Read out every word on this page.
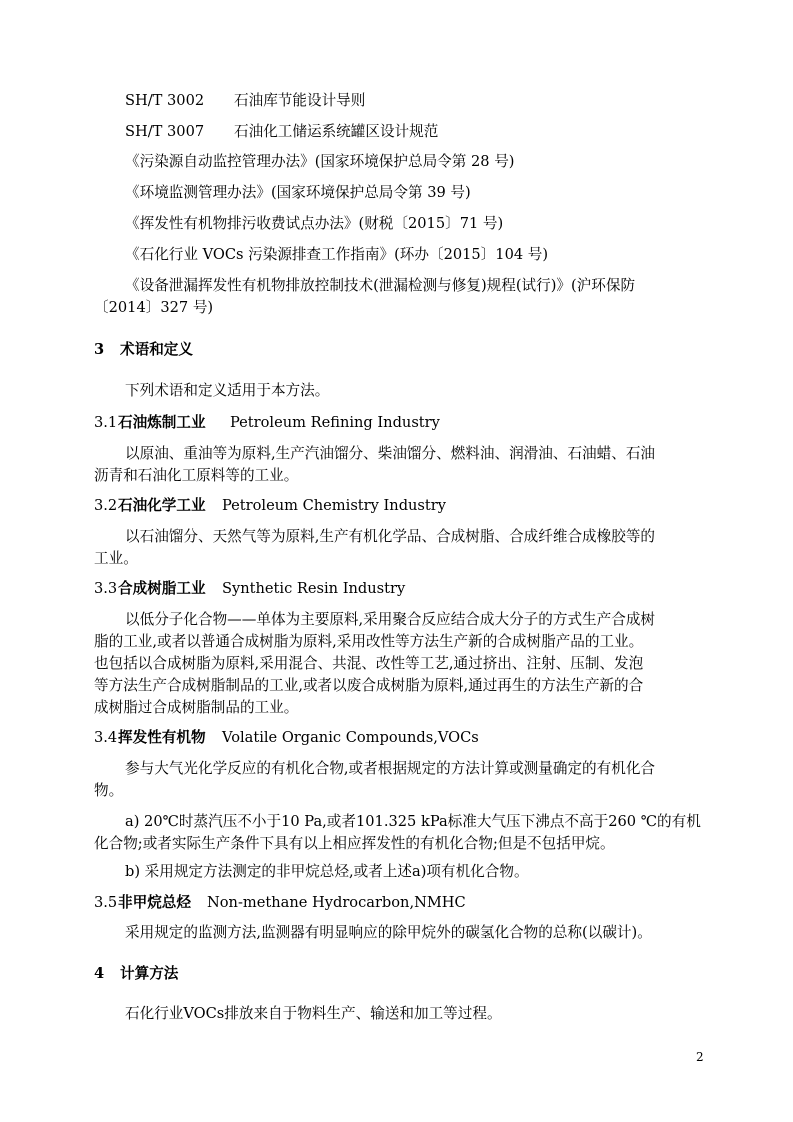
SH/T 3002 石油库节能设计导则
SH/T 3007 石油化工储运系统罐区设计规范
《污染源自动监控管理办法》(国家环境保护总局令第 28 号)
《环境监测管理办法》(国家环境保护总局令第 39 号)
《挥发性有机物排污收费试点办法》(财税〔2015〕71 号)
《石化行业 VOCs 污染源排查工作指南》(环办〔2015〕104 号)
《设备泄漏挥发性有机物排放控制技术(泄漏检测与修复)规程(试行)》(沪环保防
〔2014〕327 号)
3 术语和定义
下列术语和定义适用于本方法。
3.1 石油炼制工业 Petroleum Refining Industry
以原油、重油等为原料,生产汽油馏分、柴油馏分、燃料油、润滑油、石油蜡、石油
沥青和石油化工原料等的工业。
3.2 石油化学工业 Petroleum Chemistry Industry
以石油馏分、天然气等为原料,生产有机化学品、合成树脂、合成纤维合成橡胶等的
工业。
3.3 合成树脂工业 Synthetic Resin Industry
以低分子化合物——单体为主要原料,采用聚合反应结合成大分子的方式生产合成树
脂的工业,或者以普通合成树脂为原料,采用改性等方法生产新的合成树脂产品的工业。
也包括以合成树脂为原料,采用混合、共混、改性等工艺,通过挤出、注射、压制、发泡
等方法生产合成树脂制品的工业,或者以废合成树脂为原料,通过再生的方法生产新的合
成树脂过合成树脂制品的工业。
3.4 挥发性有机物 Volatile Organic Compounds,VOCs
参与大气光化学反应的有机化合物,或者根据规定的方法计算或测量确定的有机化合
物。
a) 20℃时蒸汽压不小于10 Pa,或者101.325 kPa标准大气压下沸点不高于260 ℃的有机
化合物;或者实际生产条件下具有以上相应挥发性的有机化合物;但是不包括甲烷。
b) 采用规定方法测定的非甲烷总烃,或者上述a)项有机化合物。
3.5 非甲烷总烃 Non-methane Hydrocarbon,NMHC
采用规定的监测方法,监测器有明显响应的除甲烷外的碳氢化合物的总称(以碳计)。
4 计算方法
石化行业VOCs排放来自于物料生产、输送和加工等过程。
2
